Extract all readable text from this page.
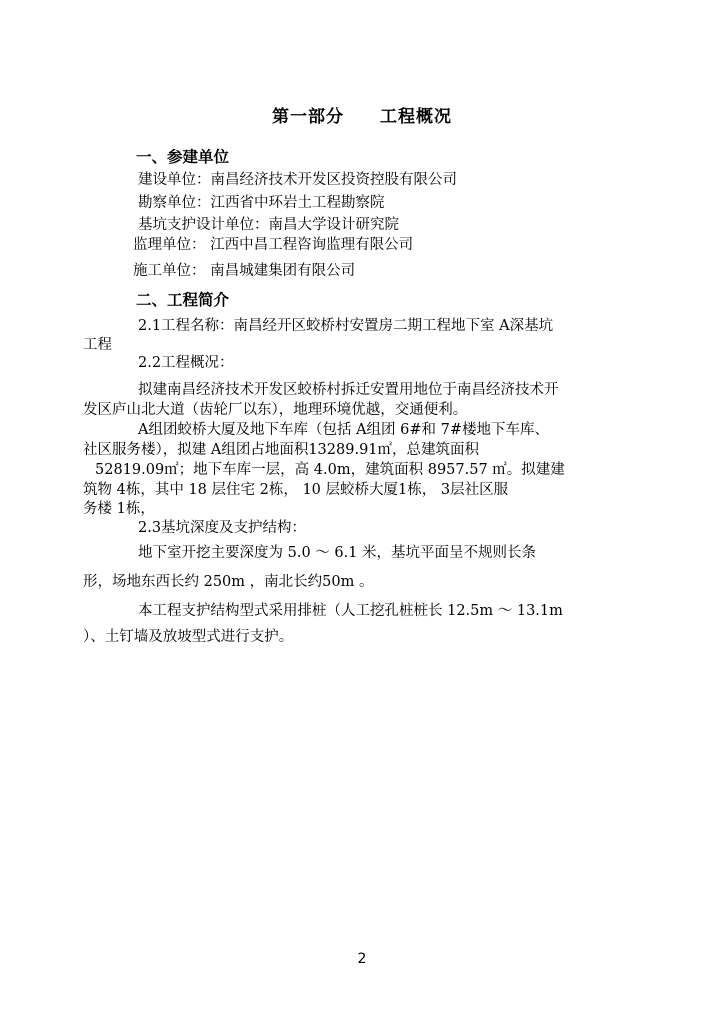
第一部分 工程概况
一、参建单位
建设单位：南昌经济技术开发区投资控股有限公司
勘察单位：江西省中环岩土工程勘察院
基坑支护设计单位：南昌大学设计研究院
监理单位： 江西中昌工程咨询监理有限公司
施工单位： 南昌城建集团有限公司
二、工程简介
2.1工程名称：南昌经开区蛟桥村安置房二期工程地下室 A深基坑
工程
2.2工程概况：
拟建南昌经济技术开发区蛟桥村拆迁安置用地位于南昌经济技术开
发区庐山北大道（齿轮厂以东），地理环境优越，交通便利。
A组团蛟桥大厦及地下车库（包括 A组团 6#和 7#楼地下车库、
社区服务楼），拟建 A组团占地面积13289.91㎡，总建筑面积
52819.09㎡；地下车库一层，高 4.0m，建筑面积 8957.57 ㎡。拟建建
筑物 4栋，其中 18 层住宅 2栋， 10 层蛟桥大厦1栋， 3层社区服
务楼 1栋，
2.3基坑深度及支护结构：
地下室开挖主要深度为 5.0 ～ 6.1 米，基坑平面呈不规则长条
形，场地东西长约 250m ，南北长约50m 。
本工程支护结构型式采用排桩（人工挖孔桩桩长 12.5m ～ 13.1m
）、土钉墙及放坡型式进行支护。
2
